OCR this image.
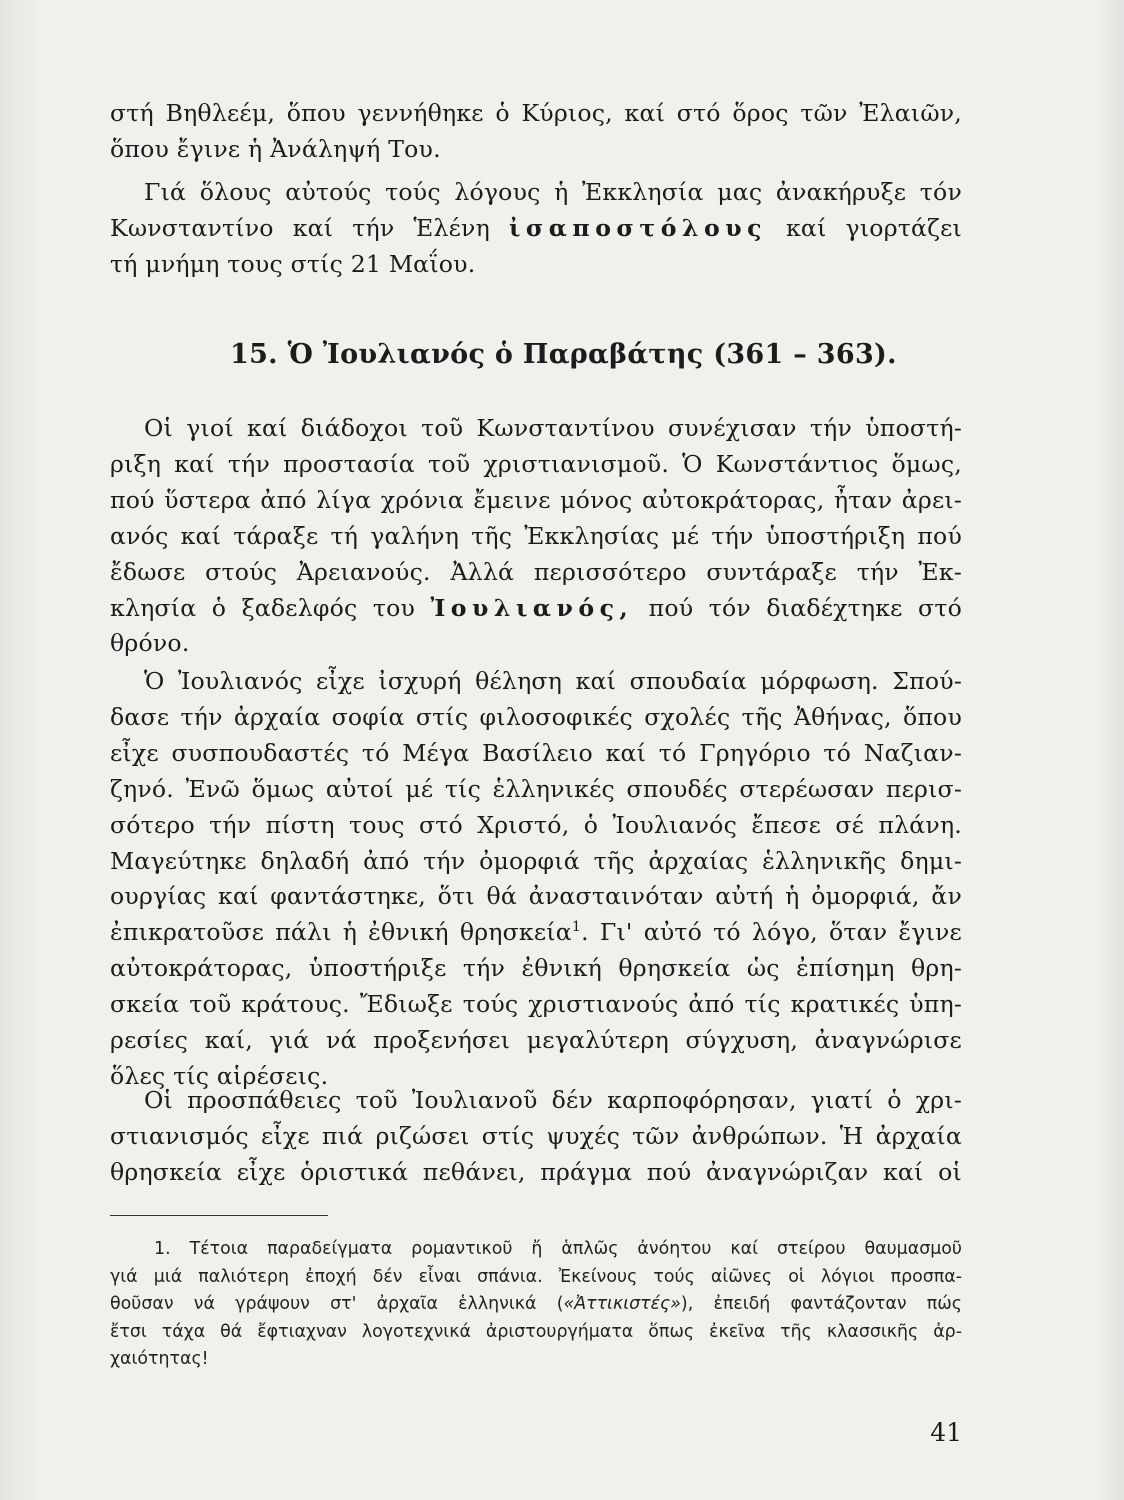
στή Βηθλεέμ, ὅπου γεννήθηκε ὁ Κύριος, καί στό ὅρος τῶν Ἐλαιῶν,
ὅπου ἔγινε ἡ Ἀνάληψή Του.

Γιά ὅλους αὐτούς τούς λόγους ἡ Ἐκκλησία μας ἀνακήρυξε τόν
Κωνσταντίνο καί τήν Ἑλένη ἰσαποστόλους καί γιορτάζει
τή μνήμη τους στίς 21 Μαΐου.

15. Ὁ Ἰουλιανός ὁ Παραβάτης (361 – 363).

Οἱ γιοί καί διάδοχοι τοῦ Κωνσταντίνου συνέχισαν τήν ὑποστή-
ριξη καί τήν προστασία τοῦ χριστιανισμοῦ. Ὁ Κωνστάντιος ὅμως,
πού ὕστερα ἀπό λίγα χρόνια ἔμεινε μόνος αὐτοκράτορας, ἦταν ἀρει-
ανός καί τάραξε τή γαλήνη τῆς Ἐκκλησίας μέ τήν ὑποστήριξη πού
ἔδωσε στούς Ἀρειανούς. Ἀλλά περισσότερο συντάραξε τήν Ἐκ-
κλησία ὁ ξαδελφός του Ἰουλιανός, πού τόν διαδέχτηκε στό
θρόνο.

Ὁ Ἰουλιανός εἶχε ἰσχυρή θέληση καί σπουδαία μόρφωση. Σπού-
δασε τήν ἀρχαία σοφία στίς φιλοσοφικές σχολές τῆς Ἀθήνας, ὅπου
εἶχε συσπουδαστές τό Μέγα Βασίλειο καί τό Γρηγόριο τό Ναζιαν-
ζηνό. Ἐνῶ ὅμως αὐτοί μέ τίς ἑλληνικές σπουδές στερέωσαν περισ-
σότερο τήν πίστη τους στό Χριστό, ὁ Ἰουλιανός ἔπεσε σέ πλάνη.
Μαγεύτηκε δηλαδή ἀπό τήν ὀμορφιά τῆς ἀρχαίας ἑλληνικῆς δημι-
ουργίας καί φαντάστηκε, ὅτι θά ἀνασταινόταν αὐτή ἡ ὀμορφιά, ἄν
ἐπικρατοῦσε πάλι ἡ ἐθνική θρησκεία$^1$. Γι' αὐτό τό λόγο, ὅταν ἔγινε
αὐτοκράτορας, ὑποστήριξε τήν ἐθνική θρησκεία ὡς ἐπίσημη θρη-
σκεία τοῦ κράτους. Ἔδιωξε τούς χριστιανούς ἀπό τίς κρατικές ὑπη-
ρεσίες καί, γιά νά προξενήσει μεγαλύτερη σύγχυση, ἀναγνώρισε
ὅλες τίς αἱρέσεις.

Οἱ προσπάθειες τοῦ Ἰουλιανοῦ δέν καρποφόρησαν, γιατί ὁ χρι-
στιανισμός εἶχε πιά ριζώσει στίς ψυχές τῶν ἀνθρώπων. Ἡ ἀρχαία
θρησκεία εἶχε ὁριστικά πεθάνει, πράγμα πού ἀναγνώριζαν καί οἱ

1. Τέτοια παραδείγματα ρομαντικοῦ ἤ ἁπλῶς ἀνόητου καί στείρου θαυμασμοῦ
γιά μιά παλιότερη ἐποχή δέν εἶναι σπάνια. Ἐκείνους τούς αἰῶνες οἱ λόγιοι προσπα-
θοῦσαν νά γράψουν στ' ἀρχαῖα ἑλληνικά («Ἀττικιστές»), ἐπειδή φαντάζονταν πώς
ἔτσι τάχα θά ἔφτιαχναν λογοτεχνικά ἀριστουργήματα ὅπως ἐκεῖνα τῆς κλασσικῆς ἀρ-
χαιότητας!
41
